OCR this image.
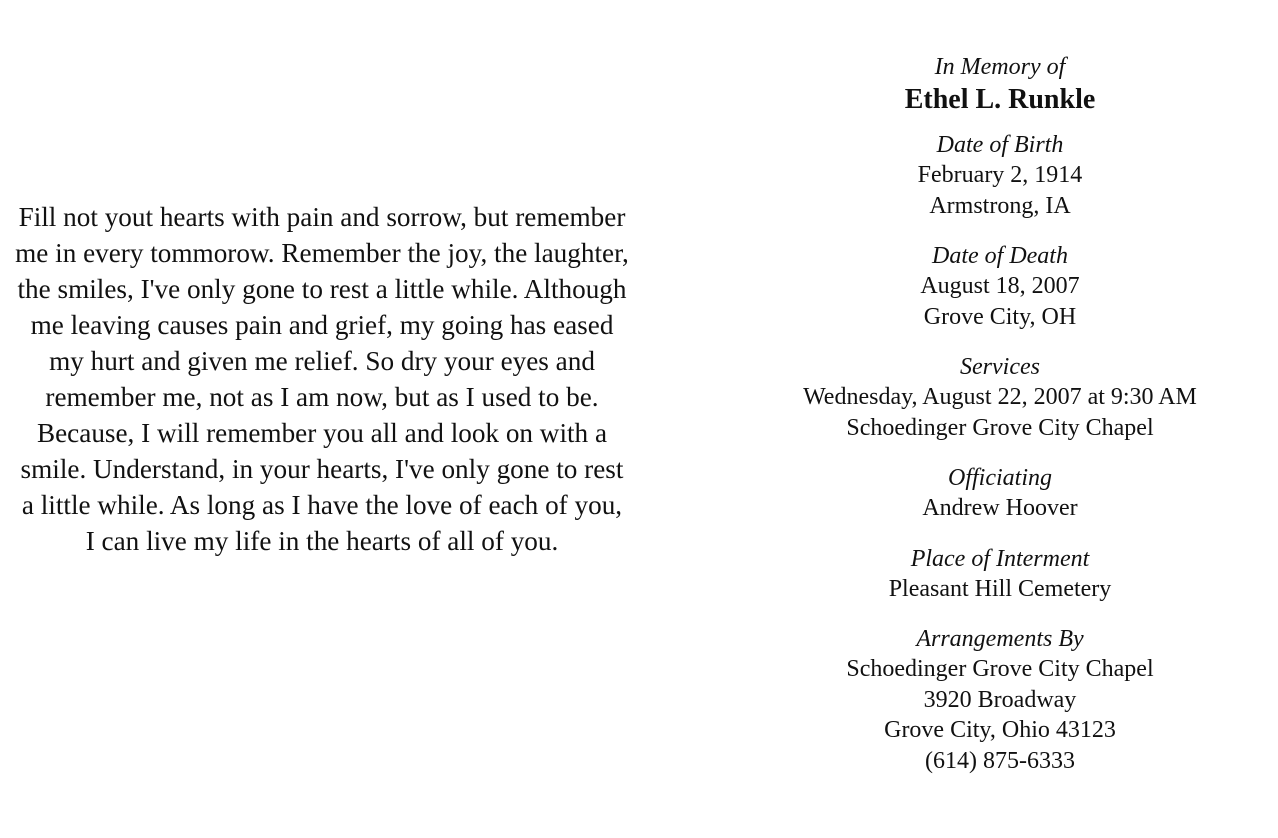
Fill not yout hearts with pain and sorrow, but remember me in every tommorow. Remember the joy, the laughter, the smiles, I've only gone to rest a little while. Although me leaving causes pain and grief, my going has eased my hurt and given me relief. So dry your eyes and remember me, not as I am now, but as I used to be. Because, I will remember you all and look on with a smile. Understand, in your hearts, I've only gone to rest a little while. As long as I have the love of each of you, I can live my life in the hearts of all of you.

In Memory of

Ethel L. Runkle

Date of Birth

February 2, 1914

Armstrong, IA

Date of Death

August 18, 2007

Grove City, OH

Services

Wednesday, August 22, 2007 at 9:30 AM

Schoedinger Grove City Chapel

Officiating

Andrew Hoover

Place of Interment

Pleasant Hill Cemetery

Arrangements By

Schoedinger Grove City Chapel

3920 Broadway

Grove City, Ohio 43123

(614) 875-6333
